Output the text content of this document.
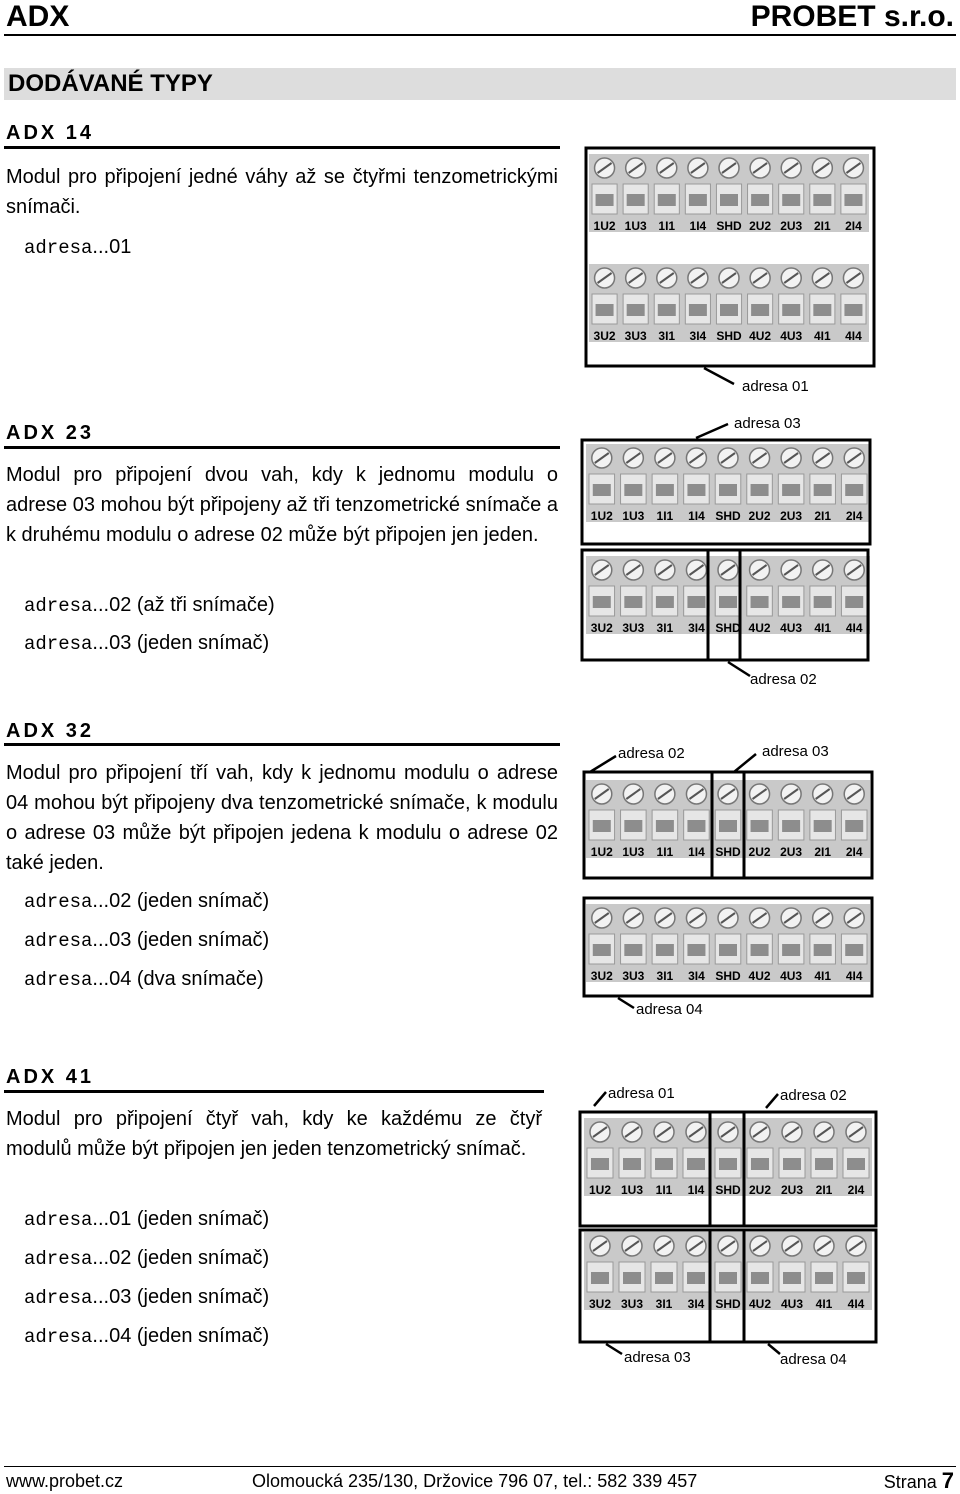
ADX	PROBET s.r.o.
DODÁVANÉ TYPY
ADX 14
Modul pro připojení jedné váhy až se čtyřmi tenzometrickými snímači.
adresa...01
1U2 1U3 1I1 1I4 SHD 2U2 2U3 2I1 2I4
3U2 3U3 3I1 3I4 SHD 4U2 4U3 4I1 4I4
adresa 01
ADX 23
Modul pro připojení dvou vah, kdy k jednomu modulu o adrese 03 mohou být připojeny až tři tenzometrické snímače a k druhému modulu o adrese 02 může být připojen jen jeden.
adresa...02 (až tři snímače)
adresa...03 (jeden snímač)
adresa 03
1U2 1U3 1I1 1I4 SHD 2U2 2U3 2I1 2I4
3U2 3U3 3I1 3I4 SHD 4U2 4U3 4I1 4I4
adresa 02
ADX 32
Modul pro připojení tří vah, kdy k jednomu modulu o adrese 04 mohou být připojeny dva tenzometrické snímače, k modulu o adrese 03 může být připojen jedena k modulu o adrese 02 také jeden.
adresa...02 (jeden snímač)
adresa...03 (jeden snímač)
adresa...04 (dva snímače)
adresa 02	adresa 03
1U2 1U3 1I1 1I4 SHD 2U2 2U3 2I1 2I4
3U2 3U3 3I1 3I4 SHD 4U2 4U3 4I1 4I4
adresa 04
ADX 41
Modul pro připojení čtyř vah, kdy ke každému ze čtyř modulů může být připojen jen jeden tenzometrický snímač.
adresa...01 (jeden snímač)
adresa...02 (jeden snímač)
adresa...03 (jeden snímač)
adresa...04 (jeden snímač)
adresa 01	adresa 02
1U2 1U3 1I1 1I4 SHD 2U2 2U3 2I1 2I4
3U2 3U3 3I1 3I4 SHD 4U2 4U3 4I1 4I4
adresa 03	adresa 04
www.probet.cz	Olomoucká 235/130, Držovice 796 07, tel.: 582 339 457	Strana 7
